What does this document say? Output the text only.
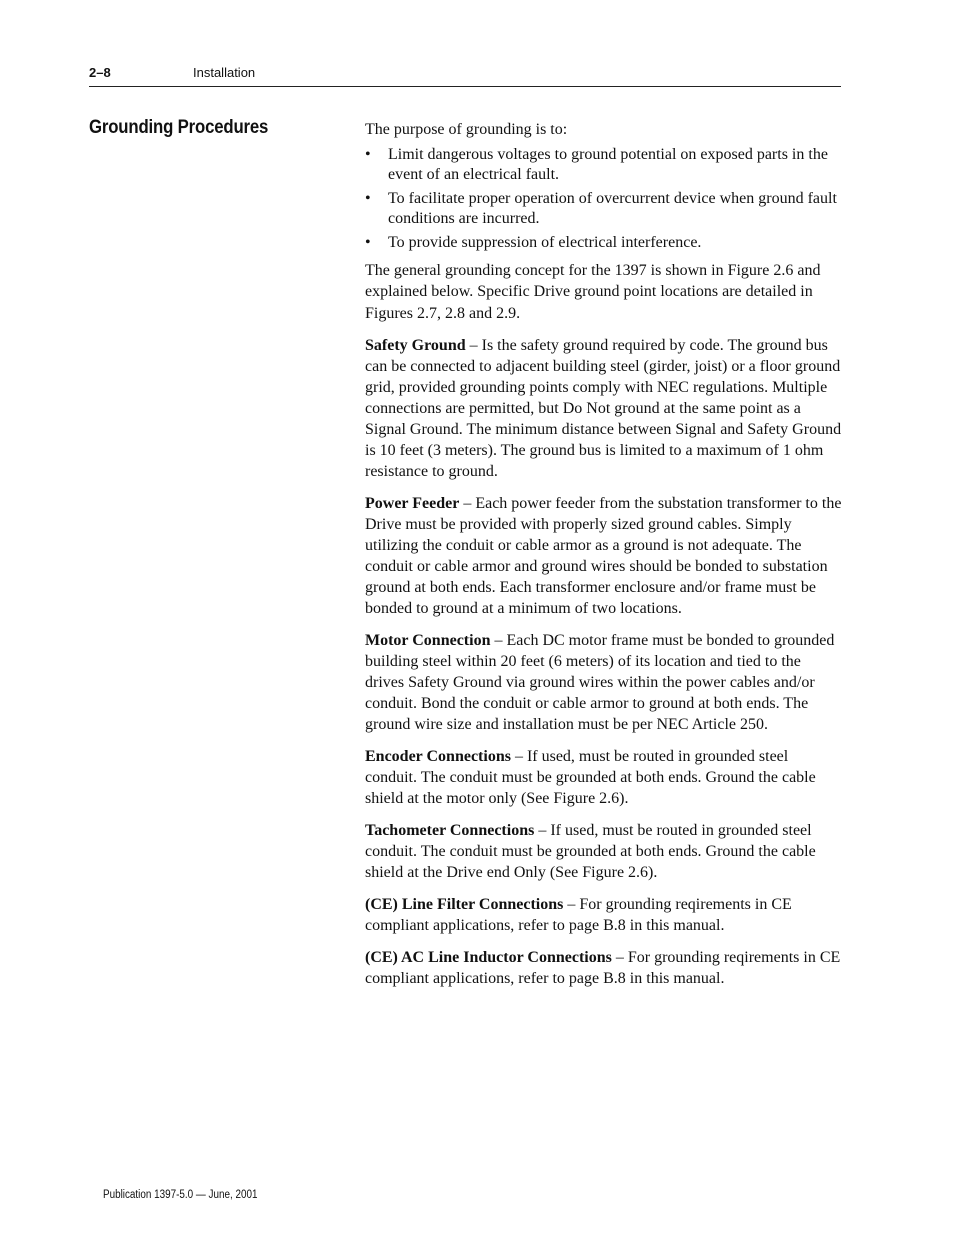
2–8	Installation
Grounding Procedures	The purpose of grounding is to:

• Limit dangerous voltages to ground potential on exposed parts in the event of an electrical fault.
• To facilitate proper operation of overcurrent device when ground fault conditions are incurred.
• To provide suppression of electrical interference.

The general grounding concept for the 1397 is shown in Figure 2.6 and explained below. Specific Drive ground point locations are detailed in Figures 2.7, 2.8 and 2.9.

Safety Ground – Is the safety ground required by code. The ground bus can be connected to adjacent building steel (girder, joist) or a floor ground grid, provided grounding points comply with NEC regulations. Multiple connections are permitted, but Do Not ground at the same point as a Signal Ground. The minimum distance between Signal and Safety Ground is 10 feet (3 meters). The ground bus is limited to a maximum of 1 ohm resistance to ground.

Power Feeder – Each power feeder from the substation transformer to the Drive must be provided with properly sized ground cables. Simply utilizing the conduit or cable armor as a ground is not adequate. The conduit or cable armor and ground wires should be bonded to substation ground at both ends. Each transformer enclosure and/or frame must be bonded to ground at a minimum of two locations.

Motor Connection – Each DC motor frame must be bonded to grounded building steel within 20 feet (6 meters) of its location and tied to the drives Safety Ground via ground wires within the power cables and/or conduit. Bond the conduit or cable armor to ground at both ends. The ground wire size and installation must be per NEC Article 250.

Encoder Connections – If used, must be routed in grounded steel conduit. The conduit must be grounded at both ends. Ground the cable shield at the motor only (See Figure 2.6).

Tachometer Connections – If used, must be routed in grounded steel conduit. The conduit must be grounded at both ends. Ground the cable shield at the Drive end Only (See Figure 2.6).

(CE) Line Filter Connections – For grounding reqirements in CE compliant applications, refer to page B.8 in this manual.

(CE) AC Line Inductor Connections – For grounding reqirements in CE compliant applications, refer to page B.8 in this manual.

Publication 1397-5.0 — June, 2001
